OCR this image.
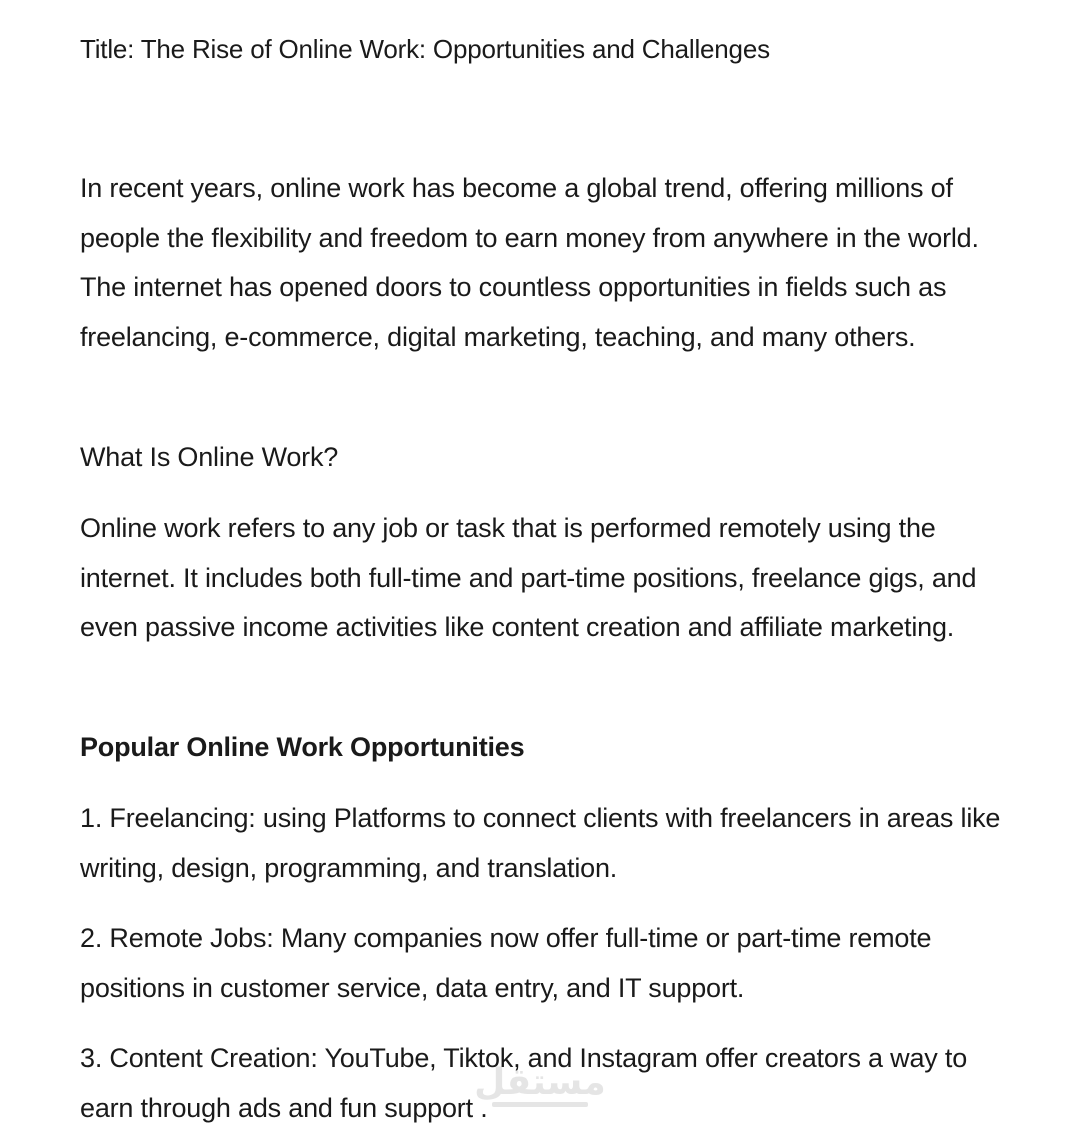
Title: The Rise of Online Work: Opportunities and Challenges

In recent years, online work has become a global trend, offering millions of people the flexibility and freedom to earn money from anywhere in the world. The internet has opened doors to countless opportunities in fields such as freelancing, e-commerce, digital marketing, teaching, and many others.

What Is Online Work?

Online work refers to any job or task that is performed remotely using the internet. It includes both full-time and part-time positions, freelance gigs, and even passive income activities like content creation and affiliate marketing.

Popular Online Work Opportunities

1. Freelancing: using Platforms to connect clients with freelancers in areas like writing, design, programming, and translation.

2. Remote Jobs: Many companies now offer full-time or part-time remote positions in customer service, data entry, and IT support.

3. Content Creation: YouTube, Tiktok, and Instagram offer creators a way to earn through ads and fun support .

مستقل
